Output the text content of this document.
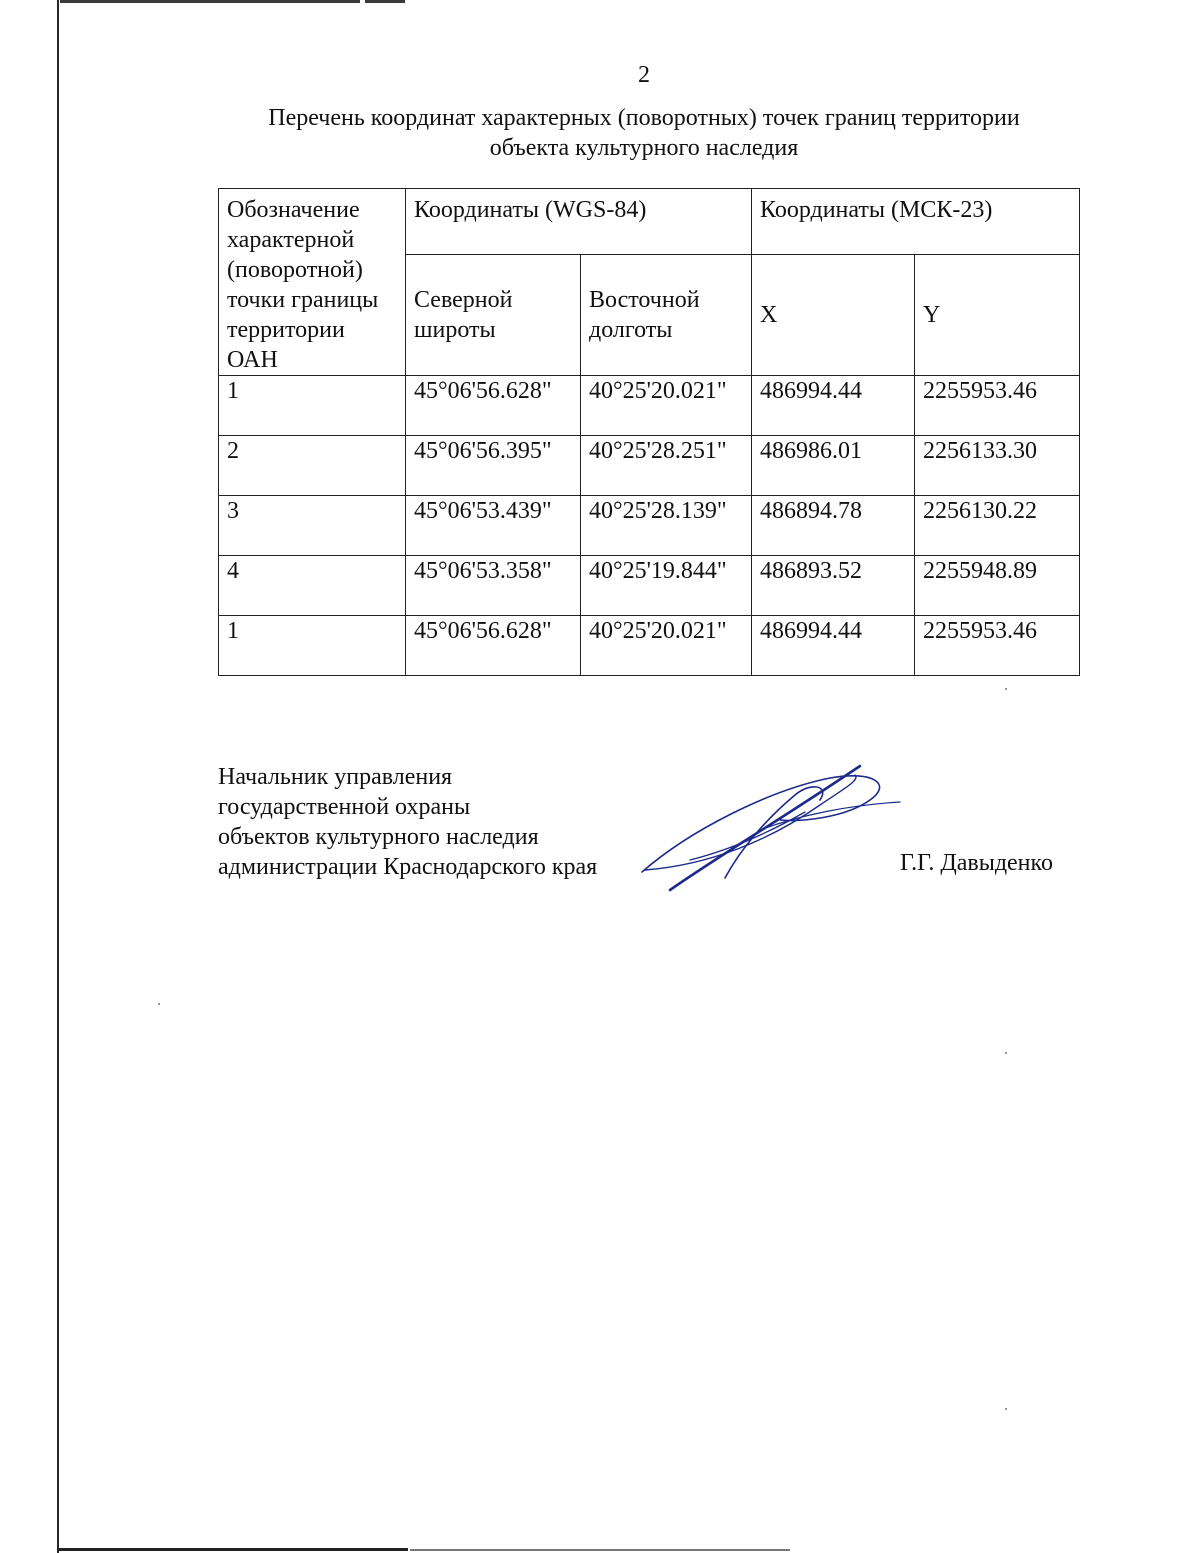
2
Перечень координат характерных (поворотных) точек границ территории
объекта культурного наследия
Обозначение характерной (поворотной) точки границы территории ОАН	Координаты (WGS-84)		Координаты (МСК-23)	
	Северной широты	Восточной долготы	X	Y
1	45°06'56.628"	40°25'20.021"	486994.44	2255953.46
2	45°06'56.395"	40°25'28.251"	486986.01	2256133.30
3	45°06'53.439"	40°25'28.139"	486894.78	2256130.22
4	45°06'53.358"	40°25'19.844"	486893.52	2255948.89
1	45°06'56.628"	40°25'20.021"	486994.44	2255953.46
Начальник управления
государственной охраны
объектов культурного наследия
администрации Краснодарского края	Г.Г. Давыденко
